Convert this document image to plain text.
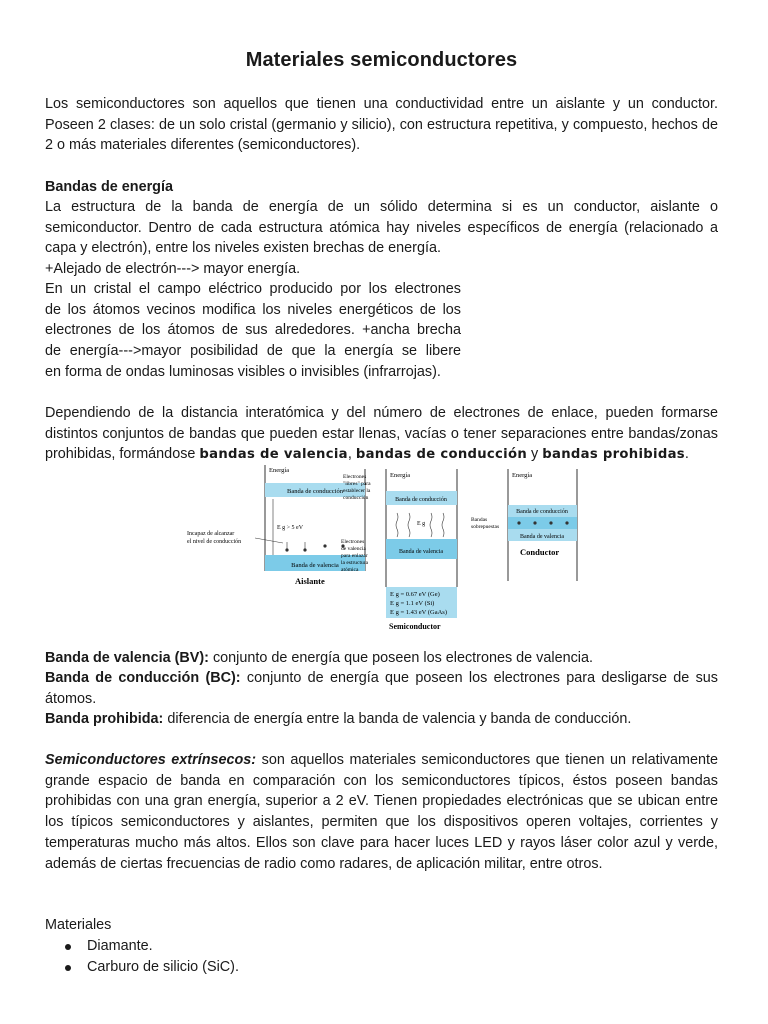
Materiales semiconductores

Los semiconductores son aquellos que tienen una conductividad entre un aislante y un conductor. Poseen 2 clases: de un solo cristal (germanio y silicio), con estructura repetitiva, y compuesto, hechos de 2 o más materiales diferentes (semiconductores).

Bandas de energía

La estructura de la banda de energía de un sólido determina si es un conductor, aislante o semiconductor. Dentro de cada estructura atómica hay niveles específicos de energía (relacionado a capa y electrón), entre los niveles existen brechas de energía.

+Alejado de electrón---> mayor energía.

En un cristal el campo eléctrico producido por los electrones
de los átomos vecinos modifica los niveles energéticos de los
electrones de los átomos de sus alrededores. +ancha brecha
de energía--->mayor posibilidad de que la energía se libere
en forma de ondas luminosas visibles o invisibles (infrarrojas).

Dependiendo de la distancia interatómica y del número de electrones de enlace, pueden formarse distintos conjuntos de bandas que pueden estar llenas, vacías o tener separaciones entre bandas/zonas prohibidas, formándose bandas de valencia, bandas de conducción y bandas prohibidas.

Energía
Banda de conducción
E g > 5 eV
Banda de valencia
Incapaz de alcanzar
el nivel de conducción
Aislante
Energía
Banda de conducción
Banda de valencia
E g
Electrones
"libres" para
establecer la
conducción
Electrones
de valencia
para enlazar
la estructura
atómica
E g = 0.67 eV (Ge)
E g = 1.1 eV (Si)
E g = 1.43 eV (GaAs)
Semiconductor
Energía
Banda de conducción
Banda de valencia
Bandas
sobrepuestas
Conductor

Banda de valencia (BV): conjunto de energía que poseen los electrones de valencia.

Banda de conducción (BC): conjunto de energía que poseen los electrones para desligarse de sus átomos.

Banda prohibida: diferencia de energía entre la banda de valencia y banda de conducción.

Semiconductores extrínsecos: son aquellos materiales semiconductores que tienen un relativamente grande espacio de banda en comparación con los semiconductores típicos, éstos poseen bandas prohibidas con una gran energía, superior a 2 eV. Tienen propiedades electrónicas que se ubican entre los típicos semiconductores y aislantes, permiten que los dispositivos operen voltajes, corrientes y temperaturas mucho más altos. Ellos son clave para hacer luces LED y rayos láser color azul y verde, además de ciertas frecuencias de radio como radares, de aplicación militar, entre otros.

Materiales

Diamante.
Carburo de silicio (SiC).
